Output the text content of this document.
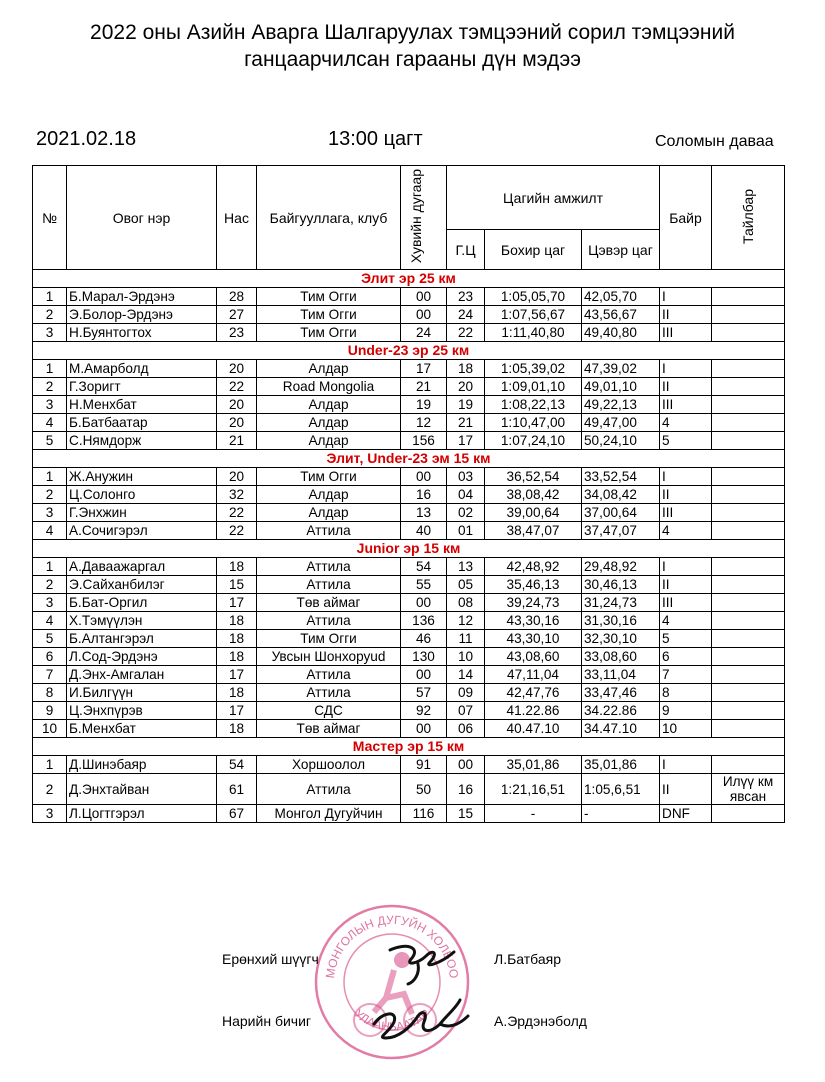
2022 оны Азийн Аварга Шалгаруулах тэмцээний сорил тэмцээний
ганцаарчилсан гарааны дүн мэдээ
2021.02.18	13:00 цагт	Соломын даваа
№	Овог нэр	Нас	Байгууллага, клуб	Хувийн дугаар	Цагийн амжилт			Байр	Тайлбар
					Г.Ц	Бохир цаг	Цэвэр цаг		
Элит эр 25 км									
1	Б.Марал-Эрдэнэ	28	Тим Огги	00	23	1:05,05,70	42,05,70	I	
2	Э.Болор-Эрдэнэ	27	Тим Огги	00	24	1:07,56,67	43,56,67	II	
3	Н.Буянтогтох	23	Тим Огги	24	22	1:11,40,80	49,40,80	III	
Under-23 эр 25 км									
1	М.Амарболд	20	Алдар	17	18	1:05,39,02	47,39,02	I	
2	Г.Зоригт	22	Road Mongolia	21	20	1:09,01,10	49,01,10	II	
3	Н.Менхбат	20	Алдар	19	19	1:08,22,13	49,22,13	III	
4	Б.Батбаатар	20	Алдар	12	21	1:10,47,00	49,47,00	4	
5	С.Нямдорж	21	Алдар	156	17	1:07,24,10	50,24,10	5	
Элит, Under-23 эм 15 км									
1	Ж.Анужин	20	Тим Огги	00	03	36,52,54	33,52,54	I	
2	Ц.Солонго	32	Алдар	16	04	38,08,42	34,08,42	II	
3	Г.Энхжин	22	Алдар	13	02	39,00,64	37,00,64	III	
4	А.Сочигэрэл	22	Аттила	40	01	38,47,07	37,47,07	4	
Junior эр 15 км									
1	А.Даваажаргал	18	Аттила	54	13	42,48,92	29,48,92	I	
2	Э.Сайханбилэг	15	Аттила	55	05	35,46,13	30,46,13	II	
3	Б.Бат-Оргил	17	Төв аймаг	00	08	39,24,73	31,24,73	III	
4	Х.Тэмүүлэн	18	Аттила	136	12	43,30,16	31,30,16	4	
5	Б.Алтангэрэл	18	Тим Огги	46	11	43,30,10	32,30,10	5	
6	Л.Сод-Эрдэнэ	18	Увсын Шонхоруud	130	10	43,08,60	33,08,60	6	
7	Д.Энх-Амгалан	17	Аттила	00	14	47,11,04	33,11,04	7	
8	И.Билгүүн	18	Аттила	57	09	42,47,76	33,47,46	8	
9	Ц.Энхпүрэв	17	СДС	92	07	41.22.86	34.22.86	9	
10	Б.Менхбат	18	Төв аймаг	00	06	40.47.10	34.47.10	10	
Мастер эр 15 км									
1	Д.Шинэбаяр	54	Хоршоолол	91	00	35,01,86	35,01,86	I	
2	Д.Энхтайван	61	Аттила	50	16	1:21,16,51	1:05,6,51	II	Илүү км явсан
3	Л.Цогтгэрэл	67	Монгол Дугуйчин	116	15	-	-	DNF	
МОНГОЛЫН ДУГУЙН ХОЛБОО
УЛААНБААТАР
Ерөнхий шүүгч	Л.Батбаяр
Нарийн бичиг	А.Эрдэнэболд
